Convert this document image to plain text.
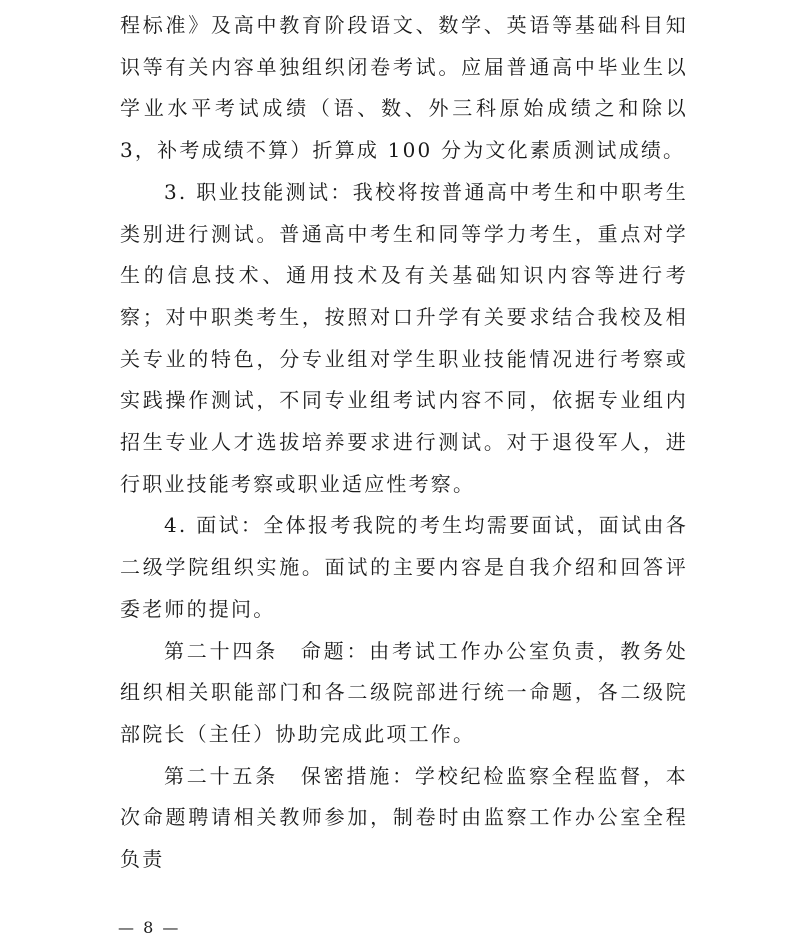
程标准》及高中教育阶段语文、数学、英语等基础科目知识等有关内容单独组织闭卷考试。应届普通高中毕业生以学业水平考试成绩（语、数、外三科原始成绩之和除以 3，补考成绩不算）折算成 100 分为文化素质测试成绩。

3. 职业技能测试：我校将按普通高中考生和中职考生类别进行测试。普通高中考生和同等学力考生，重点对学生的信息技术、通用技术及有关基础知识内容等进行考察；对中职类考生，按照对口升学有关要求结合我校及相关专业的特色，分专业组对学生职业技能情况进行考察或实践操作测试，不同专业组考试内容不同，依据专业组内招生专业人才选拔培养要求进行测试。对于退役军人，进行职业技能考察或职业适应性考察。

4. 面试：全体报考我院的考生均需要面试，面试由各二级学院组织实施。面试的主要内容是自我介绍和回答评委老师的提问。

第二十四条　命题：由考试工作办公室负责，教务处组织相关职能部门和各二级院部进行统一命题，各二级院部院长（主任）协助完成此项工作。

第二十五条　保密措施：学校纪检监察全程监督，本次命题聘请相关教师参加，制卷时由监察工作办公室全程负责

— 8 —
